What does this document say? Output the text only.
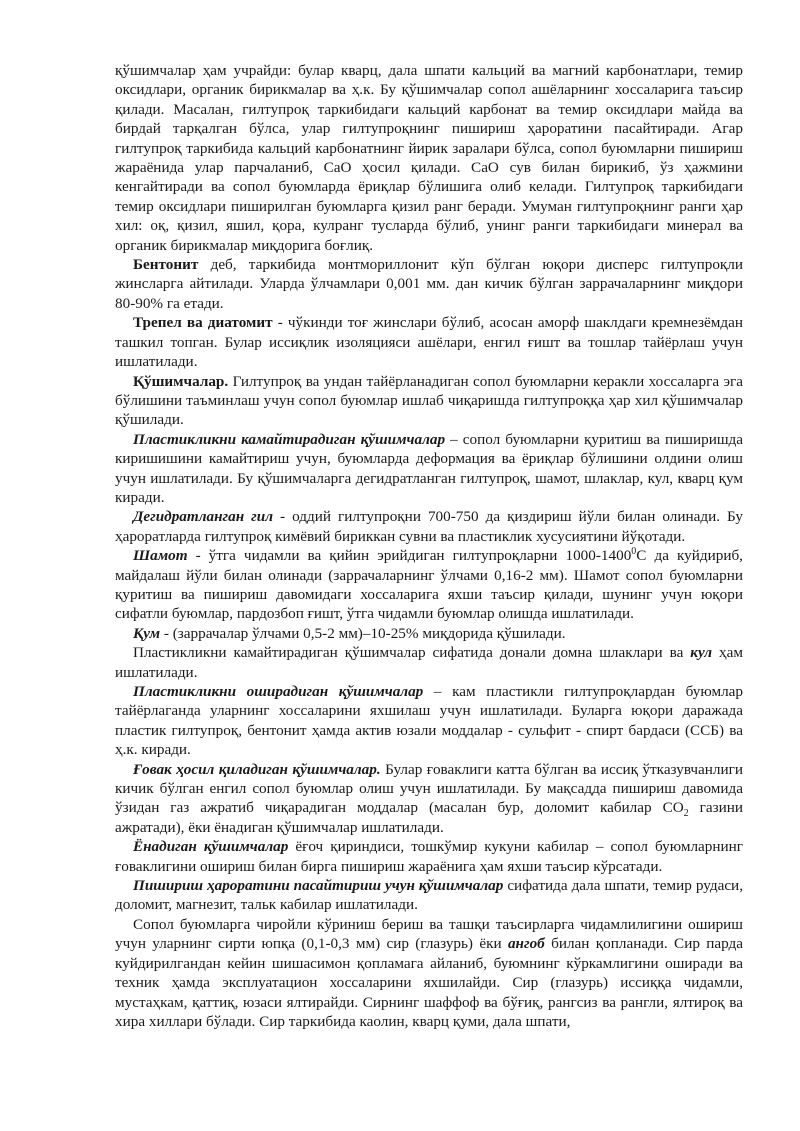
қўшимчалар ҳам учрайди: булар кварц, дала шпати кальций ва магний карбонатлари, темир оксидлари, органик бирикмалар ва ҳ.к. Бу қўшимчалар сопол ашёларнинг хоссаларига таъсир қилади. Масалан, гилтупроқ таркибидаги кальций карбонат ва темир оксидлари майда ва бирдай тарқалган бўлса, улар гилтупроқнинг пишириш ҳароратини пасайтиради. Агар гилтупроқ таркибида кальций карбонатнинг йирик заралари бўлса, сопол буюмларни пишириш жараёнида улар парчаланиб, СаО ҳосил қилади. СаО сув билан бирикиб, ўз ҳажмини кенгайтиради ва сопол буюмларда ёриқлар бўлишига олиб келади. Гилтупроқ таркибидаги темир оксидлари пиширилган буюмларга қизил ранг беради. Умуман гилтупроқнинг ранги ҳар хил: оқ, қизил, яшил, қора, кулранг тусларда бўлиб, унинг ранги таркибидаги минерал ва органик бирикмалар миқдорига боғлиқ.

Бентонит деб, таркибида монтмориллонит кўп бўлган юқори дисперс гилтупроқли жинсларга айтилади. Уларда ўлчамлари 0,001 мм. дан кичик бўлган заррачаларнинг миқдори 80-90% га етади.

Трепел ва диатомит - чўкинди тоғ жинслари бўлиб, асосан аморф шаклдаги кремнезёмдан ташкил топган. Булар иссиқлик изоляцияси ашёлари, енгил ғишт ва тошлар тайёрлаш учун ишлатилади.

Қўшимчалар. Гилтупроқ ва ундан тайёрланадиган сопол буюмларни керакли хоссаларга эга бўлишини таъминлаш учун сопол буюмлар ишлаб чиқаришда гилтупроққа ҳар хил қўшимчалар қўшилади.

Пластикликни камайтирадиган қўшимчалар – сопол буюмларни қуритиш ва пиширишда киришишини камайтириш учун, буюмларда деформация ва ёриқлар бўлишини олдини олиш учун ишлатилади. Бу қўшимчаларга дегидратланган гилтупроқ, шамот, шлаклар, кул, кварц қум киради.

Дегидратланган гил - оддий гилтупроқни 700-750 да қиздириш йўли билан олинади. Бу ҳароратларда гилтупроқ кимёвий бириккан сувни ва пластиклик хусусиятини йўқотади.

Шамот - ўтга чидамли ва қийин эрийдиган гилтупроқларни 1000-1400$^0$С да куйдириб, майдалаш йўли билан олинади (заррачаларнинг ўлчами 0,16-2 мм). Шамот сопол буюмларни қуритиш ва пишириш давомидаги хоссаларига яхши таъсир қилади, шунинг учун юқори сифатли буюмлар, пардозбоп ғишт, ўтга чидамли буюмлар олишда ишлатилади.

Қум - (заррачалар ўлчами 0,5-2 мм)–10-25% миқдорида қўшилади.

Пластикликни камайтирадиган қўшимчалар сифатида донали домна шлаклари ва кул ҳам ишлатилади.

Пластикликни оширадиган қўшимчалар – кам пластикли гилтупроқлардан буюмлар тайёрлаганда уларнинг хоссаларини яхшилаш учун ишлатилади. Буларга юқори даражада пластик гилтупроқ, бентонит ҳамда актив юзали моддалар - сульфит - спирт бардаси (ССБ) ва ҳ.к. киради.

Ғовак ҳосил қиладиган қўшимчалар. Булар ғоваклиги катта бўлган ва иссиқ ўтказувчанлиги кичик бўлган енгил сопол буюмлар олиш учун ишлатилади. Бу мақсадда пишириш давомида ўзидан газ ажратиб чиқарадиган моддалар (масалан бур, доломит кабилар $СО_2$ газини ажратади), ёки ёнадиган қўшимчалар ишлатилади.

Ёнадиган қўшимчалар ёғоч қириндиси, тошкўмир кукуни кабилар – сопол буюмларнинг ғоваклигини ошириш билан бирга пишириш жараёнига ҳам яхши таъсир кўрсатади.

Пишириш ҳароратини пасайтириш учун қўшимчалар сифатида дала шпати, темир рудаси, доломит, магнезит, тальк кабилар ишлатилади.

Сопол буюмларга чиройли кўриниш бериш ва ташқи таъсирларга чидамлилигини ошириш учун уларнинг сирти юпқа (0,1-0,3 мм) сир (глазурь) ёки ангоб билан қопланади. Сир парда куйдирилгандан кейин шишасимон қопламага айланиб, буюмнинг кўркамлигини оширади ва техник ҳамда эксплуатацион хоссаларини яхшилайди. Сир (глазурь) иссиққа чидамли, мустаҳкам, қаттиқ, юзаси ялтирайди. Сирнинг шаффоф ва бўғиқ, рангсиз ва рангли, ялтироқ ва хира хиллари бўлади. Сир таркибида каолин, кварц қуми, дала шпати,
